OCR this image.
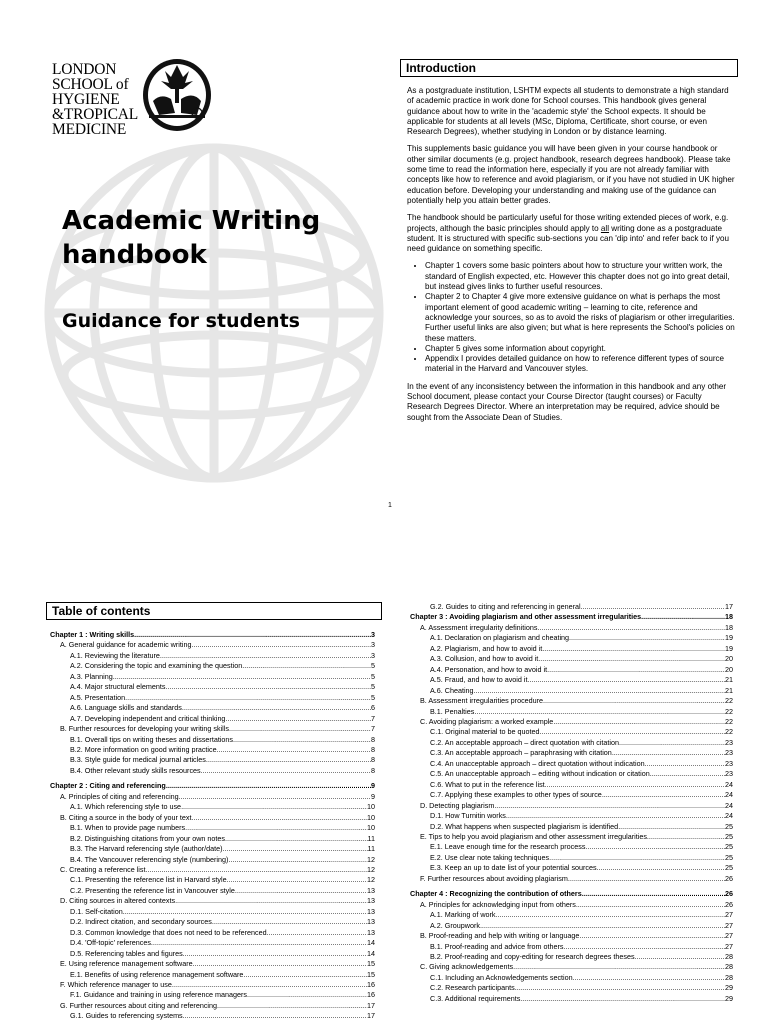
LONDON
SCHOOL of
HYGIENE
&TROPICAL
MEDICINE
Academic Writing
handbook
Guidance for students
Introduction

As a postgraduate institution, LSHTM expects all students to demonstrate a high standard of academic practice in work done for School courses. This handbook gives general guidance about how to write in the 'academic style' the School expects. It should be applicable for students at all levels (MSc, Diploma, Certificate, short course, or even Research Degrees), whether studying in London or by distance learning.

This supplements basic guidance you will have been given in your course handbook or other similar documents (e.g. project handbook, research degrees handbook). Please take some time to read the information here, especially if you are not already familiar with concepts like how to reference and avoid plagiarism, or if you have not studied in UK higher education before. Developing your understanding and making use of the guidance can potentially help you attain better grades.

The handbook should be particularly useful for those writing extended pieces of work, e.g. projects, although the basic principles should apply to all writing done as a postgraduate student. It is structured with specific sub-sections you can 'dip into' and refer back to if you need guidance on something specific.

• Chapter 1 covers some basic pointers about how to structure your written work, the standard of English expected, etc. However this chapter does not go into great detail, but instead gives links to further useful resources.
• Chapter 2 to Chapter 4 give more extensive guidance on what is perhaps the most important element of good academic writing – learning to cite, reference and acknowledge your sources, so as to avoid the risks of plagiarism or other irregularities. Further useful links are also given; but what is here represents the School's policies on these matters.
• Chapter 5 gives some information about copyright.
• Appendix I provides detailed guidance on how to reference different types of source material in the Harvard and Vancouver styles.

In the event of any inconsistency between the information in this handbook and any other School document, please contact your Course Director (taught courses) or Faculty Research Degrees Director. Where an interpretation may be required, advice should be sought from the Associate Dean of Studies.

1
Table of contents
Chapter 1 : Writing skills .....	3
A. General guidance for academic writing .....	3
A.1. Reviewing the literature .....	3
A.2. Considering the topic and examining the question .....	5
A.3. Planning .....	5
A.4. Major structural elements .....	5
A.5. Presentation .....	5
A.6. Language skills and standards .....	6
A.7. Developing independent and critical thinking .....	7
B. Further resources for developing your writing skills .....	7
B.1. Overall tips on writing theses and dissertations .....	8
B.2. More information on good writing practice .....	8
B.3. Style guide for medical journal articles .....	8
B.4. Other relevant study skills resources .....	8
Chapter 2 : Citing and referencing .....	9
A. Principles of citing and referencing .....	9
A.1. Which referencing style to use .....	10
B. Citing a source in the body of your text .....	10
B.1. When to provide page numbers .....	10
B.2. Distinguishing citations from your own notes .....	11
B.3. The Harvard referencing style (author/date) .....	11
B.4. The Vancouver referencing style (numbering) .....	12
C. Creating a reference list .....	12
C.1. Presenting the reference list in Harvard style .....	12
C.2. Presenting the reference list in Vancouver style .....	13
D. Citing sources in altered contexts .....	13
D.1. Self-citation .....	13
D.2. Indirect citation, and secondary sources .....	13
D.3. Common knowledge that does not need to be referenced .....	13
D.4. 'Off-topic' references .....	14
D.5. Referencing tables and figures .....	14
E. Using reference management software .....	15
E.1. Benefits of using reference management software .....	15
F. Which reference manager to use .....	16
F.1. Guidance and training in using reference managers .....	16
G. Further resources about citing and referencing .....	17
G.1. Guides to referencing systems .....	17
G.2. Guides to citing and referencing in general .....	17
Chapter 3 : Avoiding plagiarism and other assessment irregularities .....	18
A. Assessment irregularity definitions .....	18
A.1. Declaration on plagiarism and cheating .....	19
A.2. Plagiarism, and how to avoid it .....	19
A.3. Collusion, and how to avoid it .....	20
A.4. Personation, and how to avoid it .....	20
A.5. Fraud, and how to avoid it .....	21
A.6. Cheating .....	21
B. Assessment irregularities procedure .....	22
B.1. Penalties .....	22
C. Avoiding plagiarism: a worked example .....	22
C.1. Original material to be quoted .....	22
C.2. An acceptable approach – direct quotation with citation .....	23
C.3. An acceptable approach – paraphrasing with citation .....	23
C.4. An unacceptable approach – direct quotation without indication .....	23
C.5. An unacceptable approach – editing without indication or citation .....	23
C.6. What to put in the reference list .....	24
C.7. Applying these examples to other types of source .....	24
D. Detecting plagiarism .....	24
D.1. How Turnitin works .....	24
D.2. What happens when suspected plagiarism is identified .....	25
E. Tips to help you avoid plagiarism and other assessment irregularities .....	25
E.1. Leave enough time for the research process .....	25
E.2. Use clear note taking techniques .....	25
E.3. Keep an up to date list of your potential sources .....	25
F. Further resources about avoiding plagiarism .....	26
Chapter 4 : Recognizing the contribution of others .....	26
A. Principles for acknowledging input from others .....	26
A.1. Marking of work .....	27
A.2. Groupwork .....	27
B. Proof-reading and help with writing or language .....	27
B.1. Proof-reading and advice from others .....	27
B.2. Proof-reading and copy-editing for research degrees theses .....	28
C. Giving acknowledgements .....	28
C.1. Including an Acknowledgements section .....	28
C.2. Research participants .....	29
C.3. Additional requirements .....	29
